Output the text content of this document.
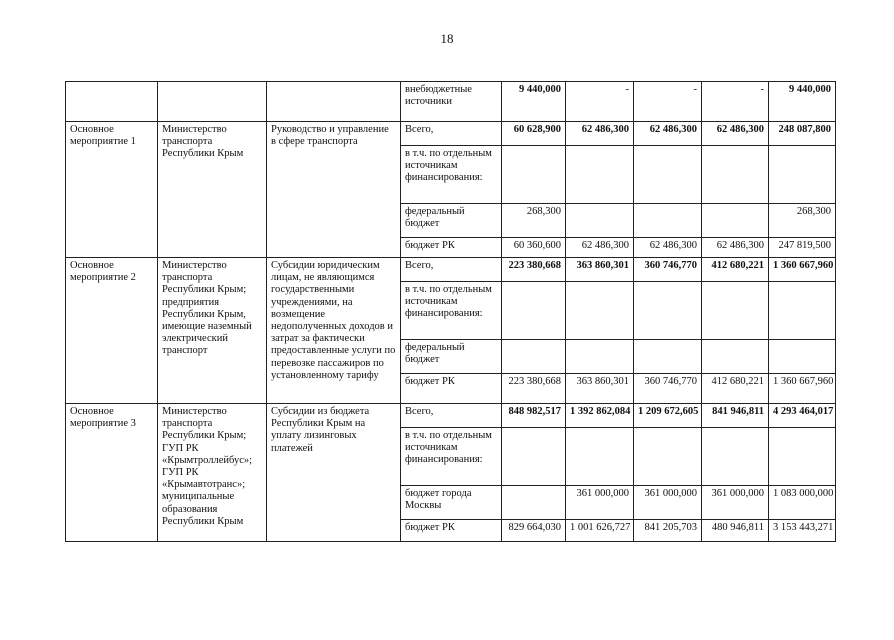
18
			внебюджетные источники	9 440,000	-	-	-	9 440,000
Основное мероприятие 1	Министерство транспорта Республики Крым	Руководство и управление в сфере транспорта	Всего,	60 628,900	62 486,300	62 486,300	62 486,300	248 087,800
			в т.ч. по отдельным источникам финансирования:					
			федеральный бюджет	268,300				268,300
			бюджет РК	60 360,600	62 486,300	62 486,300	62 486,300	247 819,500
Основное мероприятие 2	Министерство транспорта Республики Крым; предприятия Республики Крым, имеющие наземный электрический транспорт	Субсидии юридическим лицам, не являющимся государственными учреждениями, на возмещение недополученных доходов и затрат за фактически предоставленные услуги по перевозке пассажиров по установленному тарифу	Всего,	223 380,668	363 860,301	360 746,770	412 680,221	1 360 667,960
			в т.ч. по отдельным источникам финансирования:					
			федеральный бюджет					
			бюджет РК	223 380,668	363 860,301	360 746,770	412 680,221	1 360 667,960
Основное мероприятие 3	Министерство транспорта Республики Крым; ГУП РК «Крымтроллейбус»; ГУП РК «Крымавтотранс»; муниципальные образования Республики Крым	Субсидии из бюджета Республики Крым на уплату лизинговых платежей	Всего,	848 982,517	1 392 862,084	1 209 672,605	841 946,811	4 293 464,017
			в т.ч. по отдельным источникам финансирования:					
			бюджет города Москвы		361 000,000	361 000,000	361 000,000	1 083 000,000
			бюджет РК	829 664,030	1 001 626,727	841 205,703	480 946,811	3 153 443,271
